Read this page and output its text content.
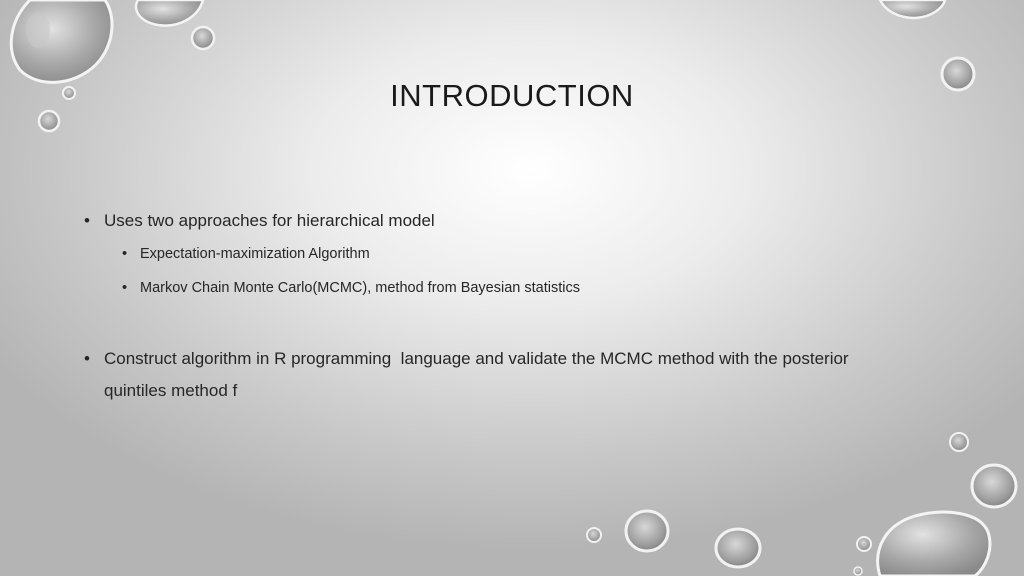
INTRODUCTION
• Uses two approaches for hierarchical model
• Expectation-maximization Algorithm
• Markov Chain Monte Carlo(MCMC), method from Bayesian statistics
• Construct algorithm in R programming  language and validate the MCMC method with the posterior quintiles method f
